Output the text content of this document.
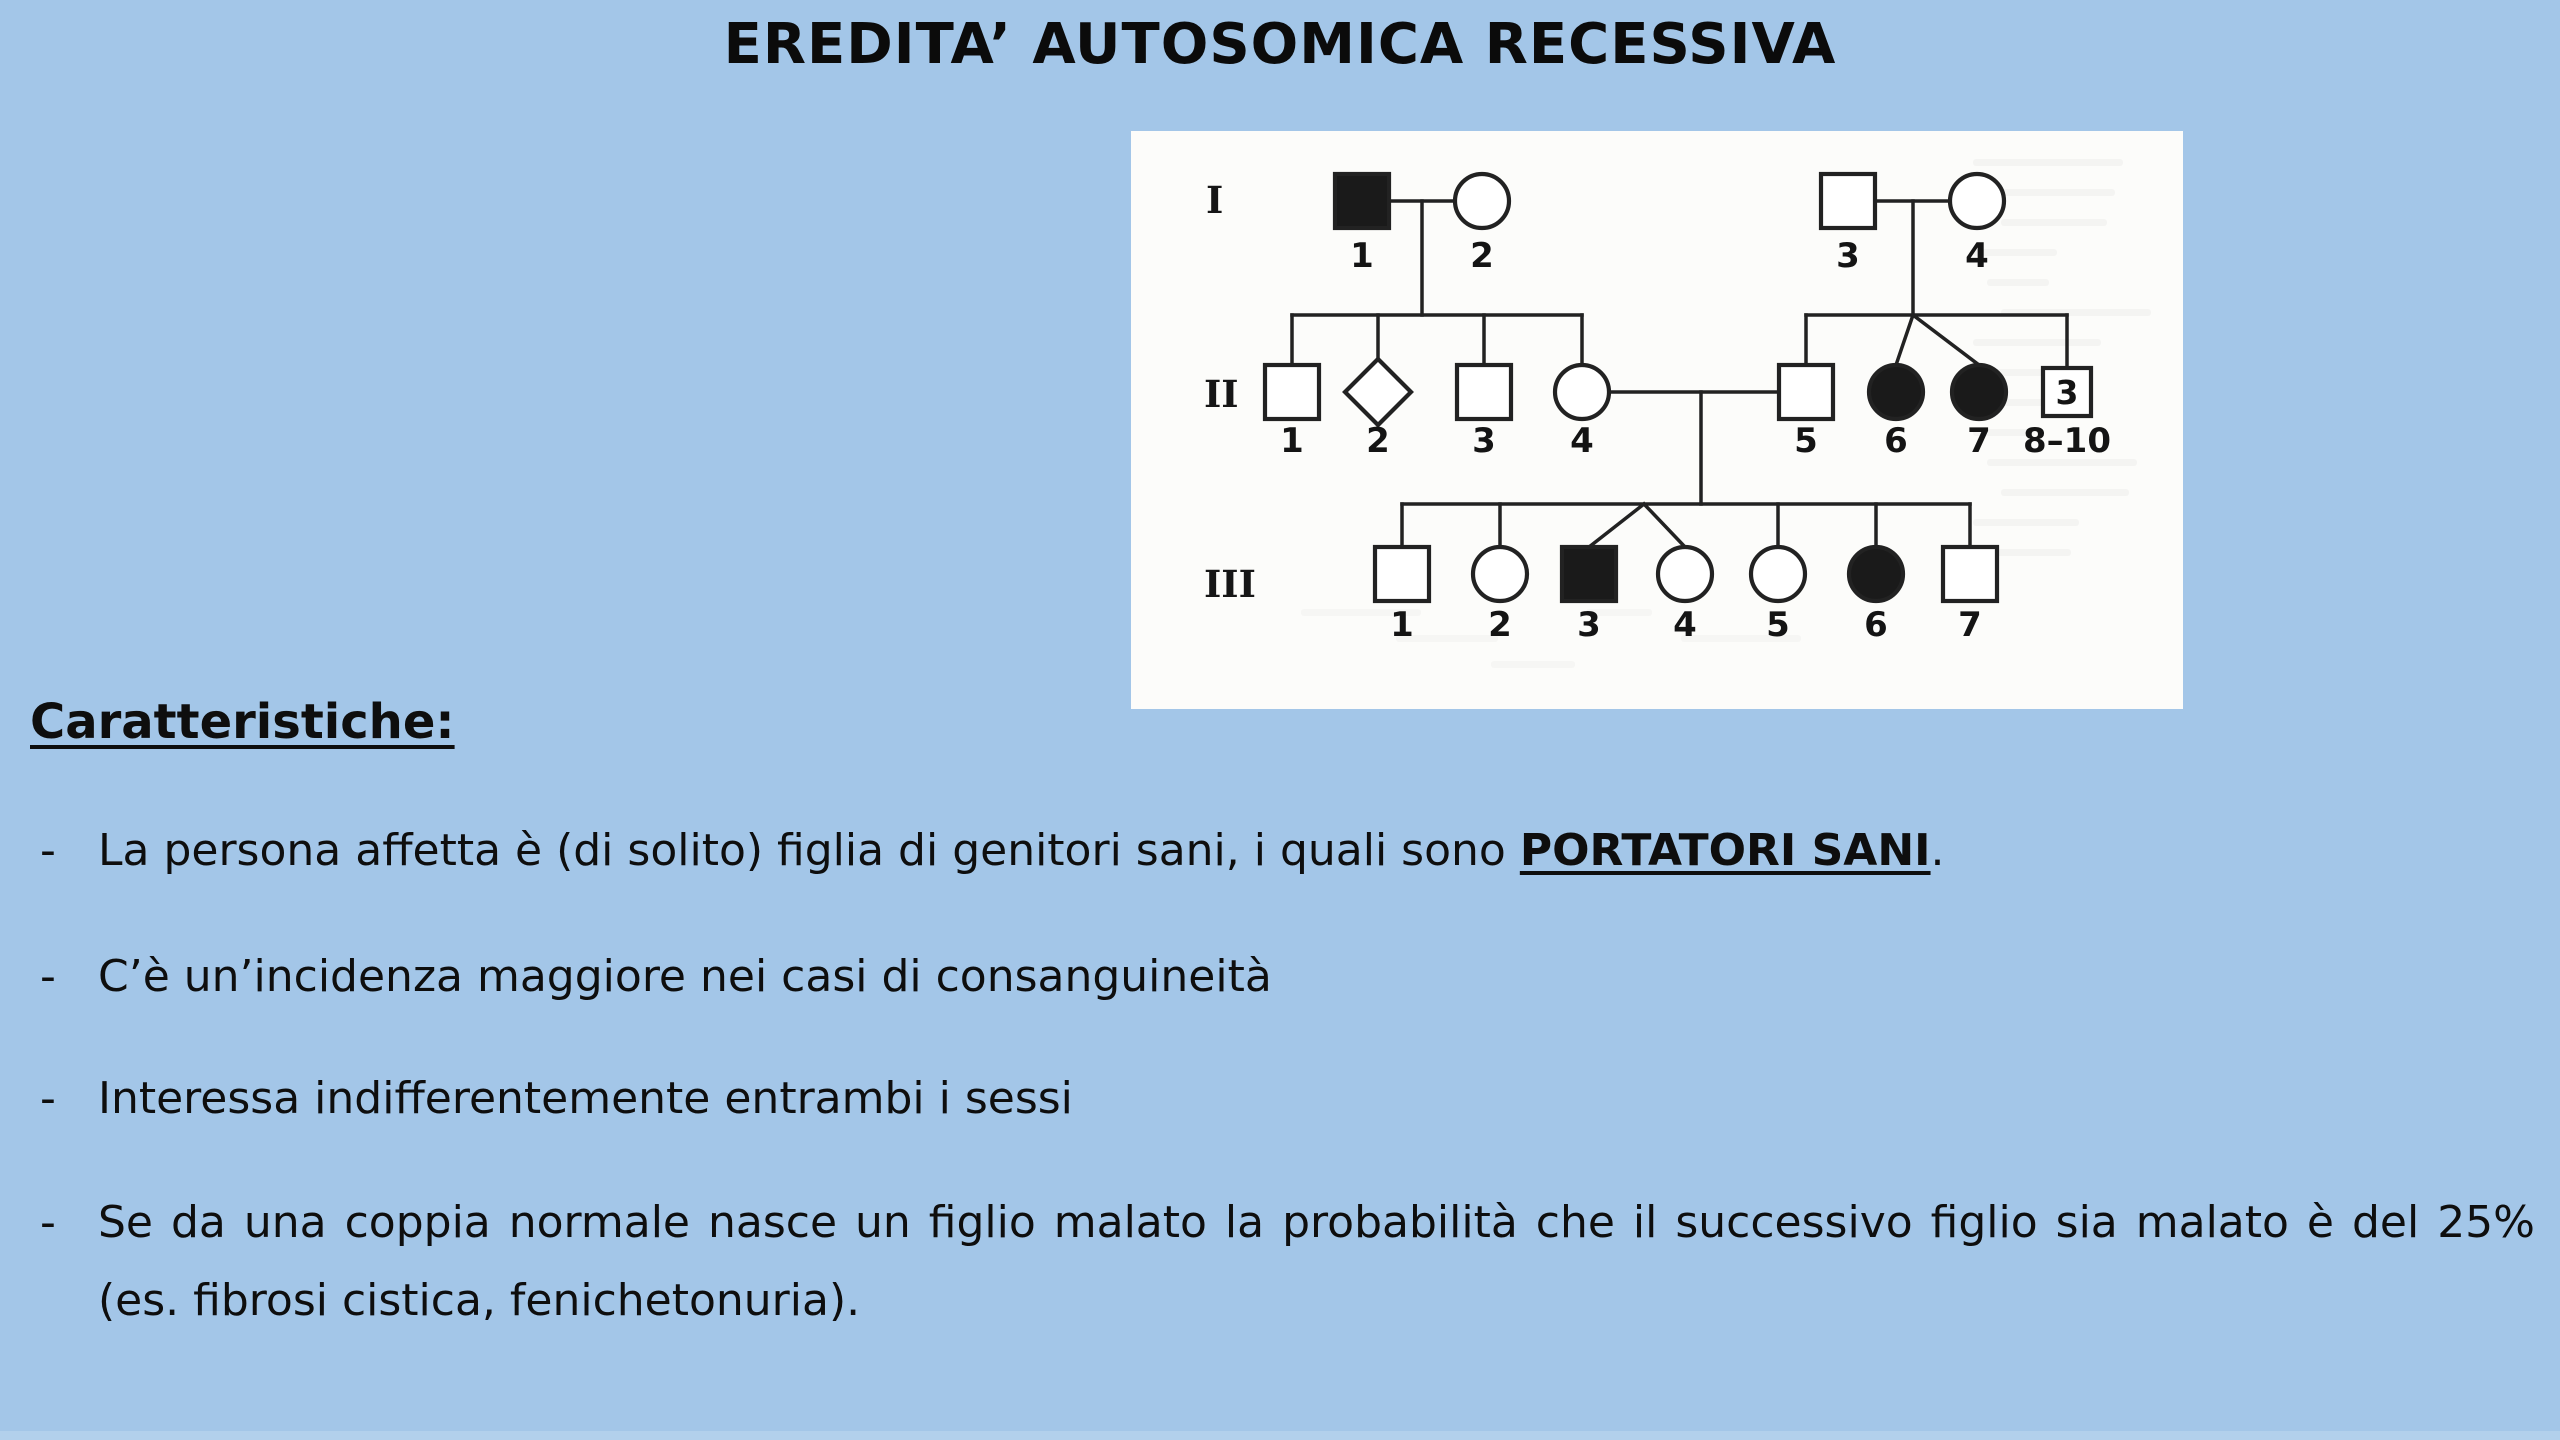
EREDITA’ AUTOSOMICA RECESSIVA
I
II
III
1	2	3	4
1 2 3 4	5 6 7
3
8–10
1 2 3 4 5 6 7
Caratteristiche:
- La persona affetta è (di solito) figlia di genitori sani, i quali sono PORTATORI SANI.
- C’è un’incidenza maggiore nei casi di consanguineità
- Interessa indifferentemente entrambi i sessi
- Se da una coppia normale nasce un figlio malato la probabilità che il successivo figlio sia malato è del 25% (es. fibrosi cistica, fenichetonuria).
